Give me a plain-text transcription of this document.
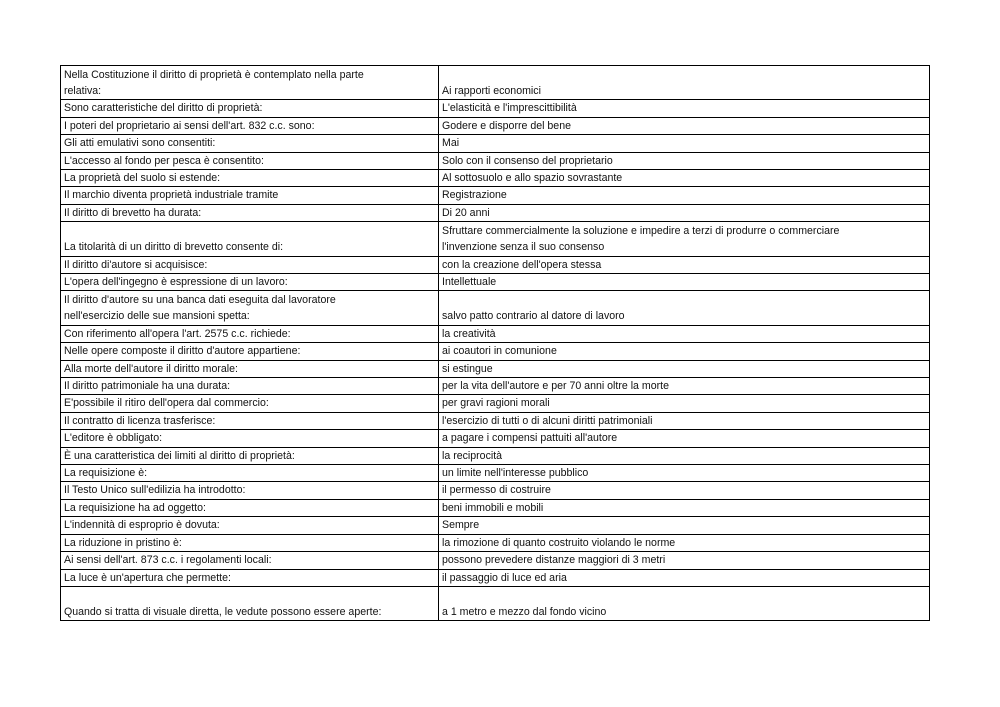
Nella Costituzione il diritto di proprietà è contemplato nella parte
relativa:	Ai rapporti economici
Sono caratteristiche del diritto di proprietà:	L'elasticità e l'imprescittibilità
I poteri del proprietario ai sensi dell'art. 832 c.c. sono:	Godere e disporre del bene
Gli atti emulativi sono consentiti:	Mai
L'accesso al fondo per pesca è consentito:	Solo con il consenso del proprietario
La proprietà del suolo si estende:	Al sottosuolo e allo spazio sovrastante
Il marchio diventa proprietà industriale tramite	Registrazione
Il diritto di brevetto ha durata:	Di 20 anni
La titolarità di un diritto di brevetto consente di:	Sfruttare commercialmente la soluzione e impedire a terzi di produrre o commerciare
l'invenzione senza il suo consenso
Il diritto di'autore si acquisisce:	con la creazione dell'opera stessa
L'opera dell'ingegno è espressione di un lavoro:	Intellettuale
Il diritto d'autore su una banca dati eseguita dal lavoratore
nell'esercizio delle sue mansioni spetta:	salvo patto contrario al datore di lavoro
Con riferimento all'opera l'art. 2575 c.c. richiede:	la creatività
Nelle opere composte il diritto d'autore appartiene:	ai coautori in comunione
Alla morte dell'autore il diritto morale:	si estingue
Il diritto patrimoniale ha una durata:	per la vita dell'autore e per 70 anni oltre la morte
E'possibile il ritiro dell'opera dal commercio:	per gravi ragioni morali
Il contratto di licenza trasferisce:	l'esercizio di tutti o di alcuni diritti patrimoniali
L'editore è obbligato:	a pagare i compensi pattuiti all'autore
È una caratteristica dei limiti al diritto di proprietà:	la reciprocità
La requisizione è:	un limite nell'interesse pubblico
Il Testo Unico sull'edilizia ha introdotto:	il permesso di costruire
La requisizione ha ad oggetto:	beni immobili e mobili
L'indennità di esproprio è dovuta:	Sempre
La riduzione in pristino è:	la rimozione di quanto costruito violando le norme
Ai sensi dell'art. 873 c.c. i regolamenti locali:	possono prevedere distanze maggiori di 3 metri
La luce è un'apertura che permette:	il passaggio di luce ed aria
Quando si tratta di visuale diretta, le vedute possono essere aperte:	a 1 metro e mezzo dal fondo vicino
